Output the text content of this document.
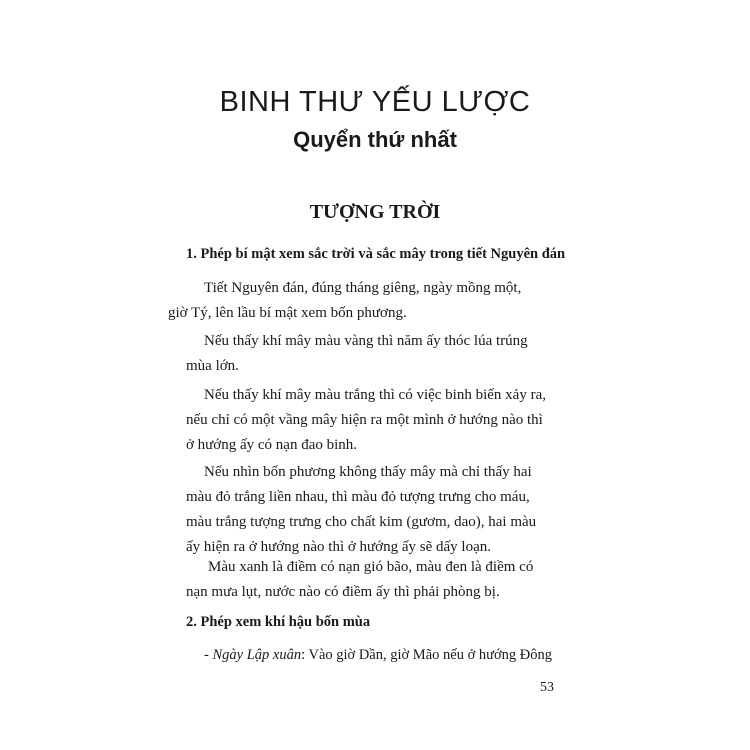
BINH THƯ YẾU LƯỢC
Quyển thứ nhất
TƯỢNG TRỜI
1. Phép bí mật xem sắc trời và sắc mây trong tiết Nguyên đán

Tiết Nguyên đán, đúng tháng giêng, ngày mồng một,
giờ Tý, lên lầu bí mật xem bốn phương.

Nếu thấy khí mây màu vàng thì năm ấy thóc lúa trúng
mùa lớn.

Nếu thấy khí mây màu trắng thì có việc binh biến xảy ra,
nếu chỉ có một vầng mây hiện ra một mình ở hướng nào thì
ở hướng ấy có nạn đao binh.

Nếu nhìn bốn phương không thấy mây mà chỉ thấy hai
màu đỏ trắng liền nhau, thì màu đỏ tượng trưng cho máu,
màu trắng tượng trưng cho chất kim (gươm, dao), hai màu
ấy hiện ra ở hướng nào thì ở hướng ấy sẽ dấy loạn.

Màu xanh là điềm có nạn gió bão, màu đen là điềm có
nạn mưa lụt, nước nào có điềm ấy thì phải phòng bị.

2. Phép xem khí hậu bốn mùa
- Ngày Lập xuân: Vào giờ Dần, giờ Mão nếu ở hướng Đông
53
